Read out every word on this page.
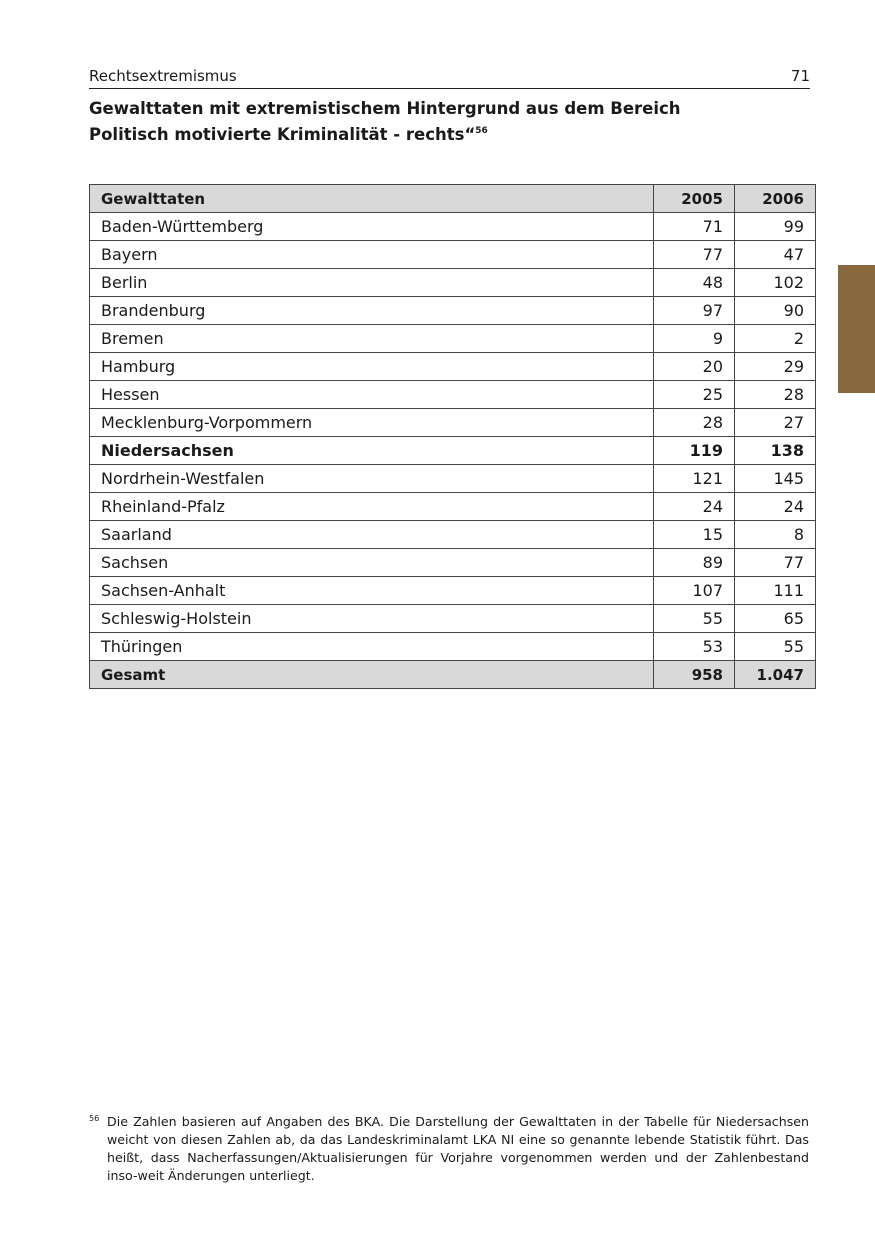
Rechtsextremismus	71
Gewalttaten mit extremistischem Hintergrund aus dem Bereich
Politisch motivierte Kriminalität - rechts“$^{56}$
Gewalttaten	2005	2006
Baden-Württemberg	71	99
Bayern	77	47
Berlin	48	102
Brandenburg	97	90
Bremen	9	2
Hamburg	20	29
Hessen	25	28
Mecklenburg-Vorpommern	28	27
Niedersachsen	119	138
Nordrhein-Westfalen	121	145
Rheinland-Pfalz	24	24
Saarland	15	8
Sachsen	89	77
Sachsen-Anhalt	107	111
Schleswig-Holstein	55	65
Thüringen	53	55
Gesamt	958	1.047
56 Die Zahlen basieren auf Angaben des BKA. Die Darstellung der Gewalttaten in der Tabelle für Niedersachsen weicht von diesen Zahlen ab, da das Landeskriminalamt LKA NI eine so genannte lebende Statistik führt. Das heißt, dass Nacherfassungen/Aktualisierungen für Vorjahre vorgenommen werden und der Zahlenbestand inso-weit Änderungen unterliegt.
